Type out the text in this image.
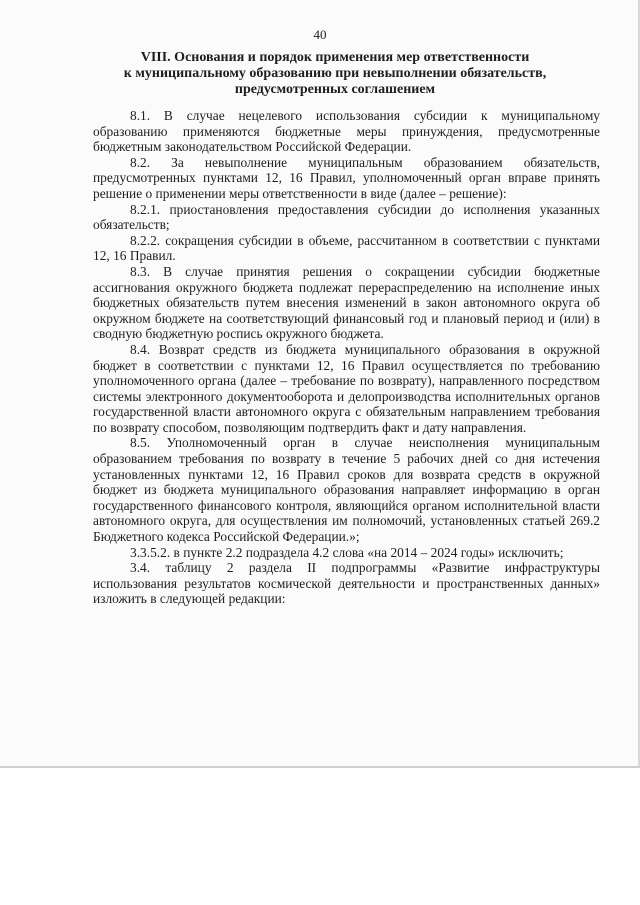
40
VIII. Основания и порядок применения мер ответственности
к муниципальному образованию при невыполнении обязательств,
предусмотренных соглашением

8.1. В случае нецелевого использования субсидии к муниципальному образованию применяются бюджетные меры принуждения, предусмотренные бюджетным законодательством Российской Федерации.

8.2. За невыполнение муниципальным образованием обязательств, предусмотренных пунктами 12, 16 Правил, уполномоченный орган вправе принять решение о применении меры ответственности в виде (далее – решение):

8.2.1. приостановления предоставления субсидии до исполнения указанных обязательств;

8.2.2. сокращения субсидии в объеме, рассчитанном в соответствии с пунктами 12, 16 Правил.

8.3. В случае принятия решения о сокращении субсидии бюджетные ассигнования окружного бюджета подлежат перераспределению на исполнение иных бюджетных обязательств путем внесения изменений в закон автономного округа об окружном бюджете на соответствующий финансовый год и плановый период и (или) в сводную бюджетную роспись окружного бюджета.

8.4. Возврат средств из бюджета муниципального образования в окружной бюджет в соответствии с пунктами 12, 16 Правил осуществляется по требованию уполномоченного органа (далее – требование по возврату), направленного посредством системы электронного документооборота и делопроизводства исполнительных органов государственной власти автономного округа с обязательным направлением требования по возврату способом, позволяющим подтвердить факт и дату направления.

8.5. Уполномоченный орган в случае неисполнения муниципальным образованием требования по возврату в течение 5 рабочих дней со дня истечения установленных пунктами 12, 16 Правил сроков для возврата средств в окружной бюджет из бюджета муниципального образования направляет информацию в орган государственного финансового контроля, являющийся органом исполнительной власти автономного округа, для осуществления им полномочий, установленных статьей 269.2 Бюджетного кодекса Российской Федерации.»;

3.3.5.2. в пункте 2.2 подраздела 4.2 слова «на 2014 – 2024 годы» исключить;

3.4. таблицу 2 раздела II подпрограммы «Развитие инфраструктуры использования результатов космической деятельности и пространственных данных» изложить в следующей редакции:
